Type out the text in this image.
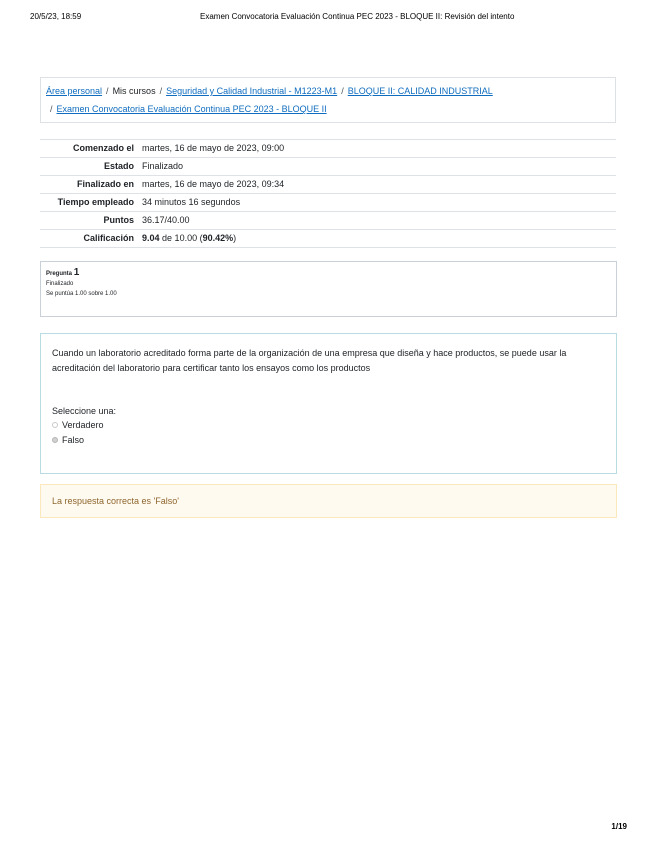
20/5/23, 18:59	Examen Convocatoria Evaluación Continua PEC 2023 - BLOQUE II: Revisión del intento
Área personal / Mis cursos / Seguridad y Calidad Industrial - M1223-M1 / BLOQUE II: CALIDAD INDUSTRIAL
/ Examen Convocatoria Evaluación Continua PEC 2023 - BLOQUE II
Comenzado el	martes, 16 de mayo de 2023, 09:00
Estado	Finalizado
Finalizado en	martes, 16 de mayo de 2023, 09:34
Tiempo empleado	34 minutos 16 segundos
Puntos	36.17/40.00
Calificación	9.04 de 10.00 (90.42%)
Pregunta 1
Finalizado
Se puntúa 1.00 sobre 1.00
Cuando un laboratorio acreditado forma parte de la organización de una empresa que diseña y hace productos, se puede usar la acreditación del laboratorio para certificar tanto los ensayos como los productos
Seleccione una:
Verdadero
Falso
La respuesta correcta es 'Falso'
1/19
